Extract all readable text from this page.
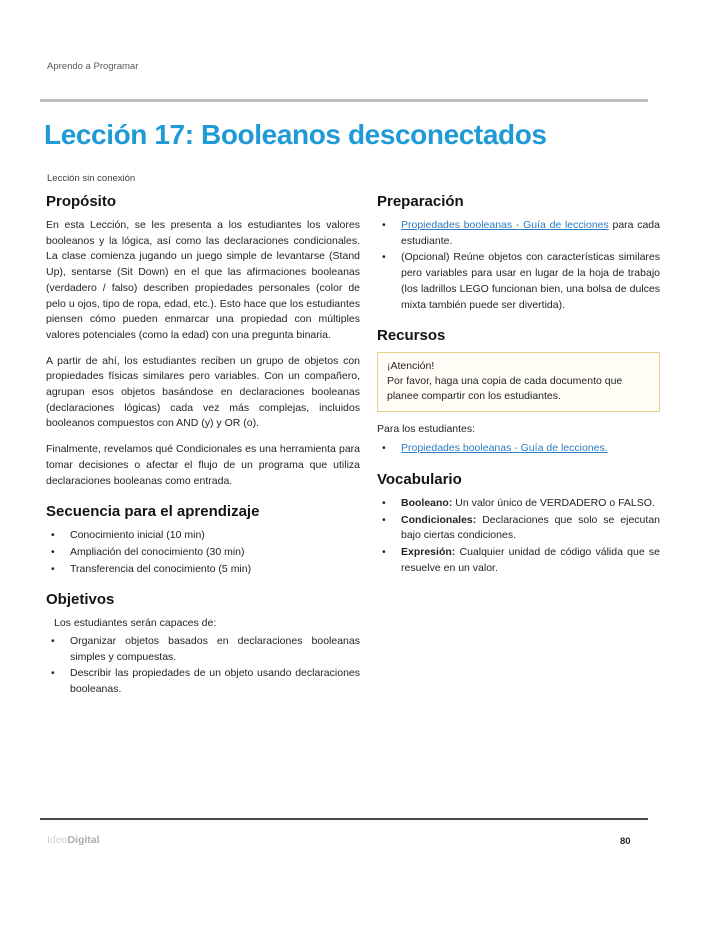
Aprendo a Programar
Lección 17: Booleanos desconectados
Lección sin conexión
Propósito

En esta Lección, se les presenta a los estudiantes los valores booleanos y la lógica, así como las declaraciones condicionales. La clase comienza jugando un juego simple de levantarse (Stand Up), sentarse (Sit Down) en el que las afirmaciones booleanas (verdadero / falso) describen propiedades personales (color de pelo u ojos, tipo de ropa, edad, etc.). Esto hace que los estudiantes piensen cómo pueden enmarcar una propiedad con múltiples valores potenciales (como la edad) con una pregunta binaria.

A partir de ahí, los estudiantes reciben un grupo de objetos con propiedades físicas similares pero variables. Con un compañero, agrupan esos objetos basándose en declaraciones booleanas (declaraciones lógicas) cada vez más complejas, incluidos booleanos compuestos con AND (y) y OR (o).

Finalmente, revelamos qué Condicionales es una herramienta para tomar decisiones o afectar el flujo de un programa que utiliza declaraciones booleanas como entrada.

Secuencia para el aprendizaje
• Conocimiento inicial (10 min)
• Ampliación del conocimiento (30 min)
• Transferencia del conocimiento (5 min)
Objetivos

Los estudiantes serán capaces de:

• Organizar objetos basados en declaraciones booleanas simples y compuestas.
• Describir las propiedades de un objeto usando declaraciones booleanas.
Preparación
• Propiedades booleanas - Guía de lecciones para cada estudiante.
• (Opcional) Reúne objetos con características similares pero variables para usar en lugar de la hoja de trabajo (los ladrillos LEGO funcionan bien, una bolsa de dulces mixta también puede ser divertida).
Recursos
¡Atención!
Por favor, haga una copia de cada documento que planee compartir con los estudiantes.

Para los estudiantes:

• Propiedades booleanas - Guía de lecciones.
Vocabulario
• Booleano: Un valor único de VERDADERO o FALSO.
• Condicionales: Declaraciones que solo se ejecutan bajo ciertas condiciones.
• Expresión: Cualquier unidad de código válida que se resuelve en un valor.
IdeoDigital	80
